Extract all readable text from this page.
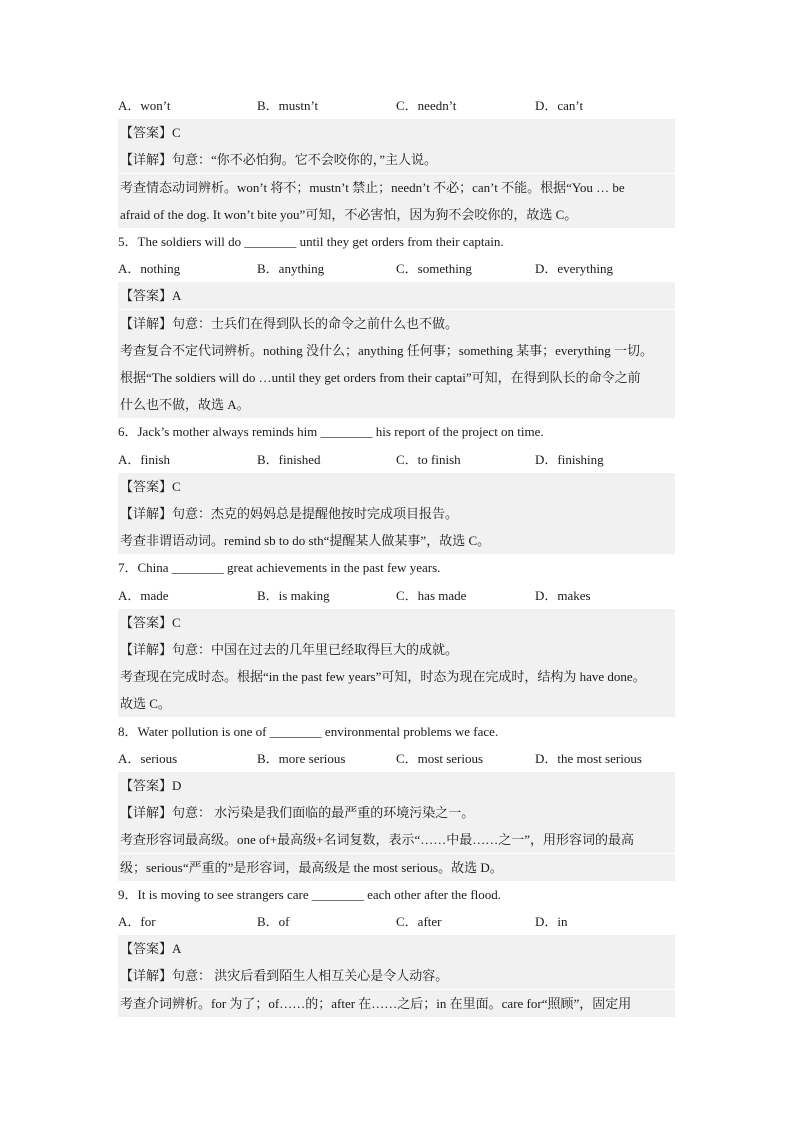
A．won’t	B．mustn’t	C．needn’t	D．can’t
【答案】C
【详解】句意：“你不必怕狗。它不会咬你的，”主人说。
考查情态动词辨析。won’t 将不；mustn’t 禁止；needn’t 不必；can’t 不能。根据“You … be
afraid of the dog. It won’t bite you”可知，不必害怕，因为狗不会咬你的，故选 C。
5．The soldiers will do ________ until they get orders from their captain.
A．nothing	B．anything	C．something	D．everything
【答案】A
【详解】句意：士兵们在得到队长的命令之前什么也不做。
考查复合不定代词辨析。nothing 没什么；anything 任何事；something 某事；everything 一切。
根据“The soldiers will do …until they get orders from their captai”可知，在得到队长的命令之前
什么也不做，故选 A。
6．Jack’s mother always reminds him ________ his report of the project on time.
A．finish	B．finished	C．to finish	D．finishing
【答案】C
【详解】句意：杰克的妈妈总是提醒他按时完成项目报告。
考查非谓语动词。remind sb to do sth“提醒某人做某事”，故选 C。
7．China ________ great achievements in the past few years.
A．made	B．is making	C．has made	D．makes
【答案】C
【详解】句意：中国在过去的几年里已经取得巨大的成就。
考查现在完成时态。根据“in the past few years”可知，时态为现在完成时，结构为 have done。
故选 C。
8．Water pollution is one of ________ environmental problems we face.
A．serious	B．more serious	C．most serious	D．the most serious
【答案】D
【详解】句意： 水污染是我们面临的最严重的环境污染之一。
考查形容词最高级。one of+最高级+名词复数，表示“……中最……之一”，用形容词的最高
级；serious“严重的”是形容词，最高级是 the most serious。故选 D。
9．It is moving to see strangers care ________ each other after the flood.
A．for	B．of	C．after	D．in
【答案】A
【详解】句意： 洪灾后看到陌生人相互关心是令人动容。
考查介词辨析。for 为了；of……的；after 在……之后；in 在里面。care for“照顾”，固定用
